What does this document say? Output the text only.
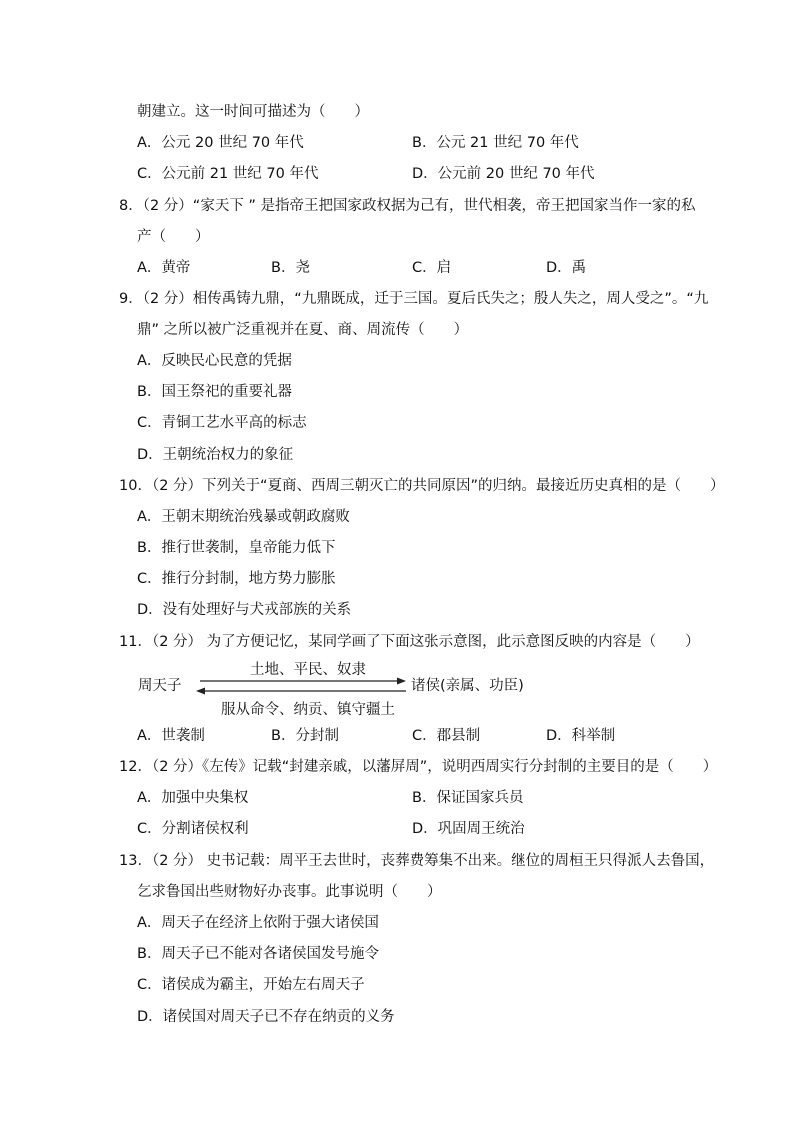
朝建立。这一时间可描述为（　　）
A．公元 20 世纪 70 年代	B．公元 21 世纪 70 年代
C．公元前 21 世纪 70 年代	D．公元前 20 世纪 70 年代
8．（2 分）“家天下 ” 是指帝王把国家政权据为己有，世代相袭，帝王把国家当作一家的私
产（　　）
A．黄帝	B．尧	C．启	D．禹
9．（2 分）相传禹铸九鼎，“九鼎既成，迁于三国。夏后氏失之；殷人失之，周人受之”。“九
鼎” 之所以被广泛重视并在夏、商、周流传（　　）
A．反映民心民意的凭据
B．国王祭祀的重要礼器
C．青铜工艺水平高的标志
D．王朝统治权力的象征
10．（2 分）下列关于“夏商、西周三朝灭亡的共同原因”的归纳。最接近历史真相的是（　　）
A．王朝末期统治残暴或朝政腐败
B．推行世袭制，皇帝能力低下
C．推行分封制，地方势力膨胀
D．没有处理好与犬戎部族的关系
11．（2 分） 为了方便记忆，某同学画了下面这张示意图，此示意图反映的内容是（　　）
土地、平民、奴隶
周天子	诸侯(亲属、功臣)
服从命令、纳贡、镇守疆土
A．世袭制	B．分封制	C．郡县制	D．科举制
12．（2 分）《左传》记载“封建亲戚，以藩屏周”，说明西周实行分封制的主要目的是（　　）
A．加强中央集权	B．保证国家兵员
C．分割诸侯权利	D．巩固周王统治
13．（2 分） 史书记载：周平王去世时，丧葬费筹集不出来。继位的周桓王只得派人去鲁国，
乞求鲁国出些财物好办丧事。此事说明（　　）
A．周天子在经济上依附于强大诸侯国
B．周天子已不能对各诸侯国发号施令
C．诸侯成为霸主，开始左右周天子
D．诸侯国对周天子已不存在纳贡的义务
